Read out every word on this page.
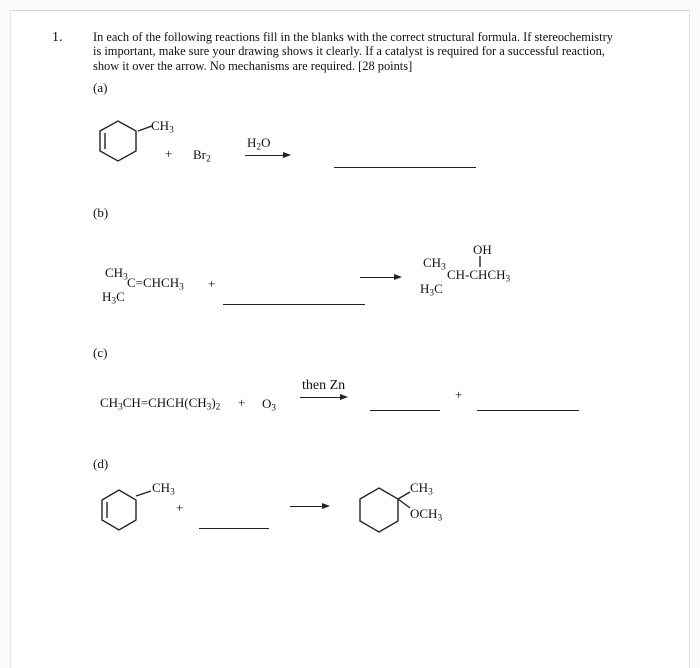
1. In each of the following reactions fill in the blanks with the correct structural formula. If stereochemistry is important, make sure your drawing shows it clearly. If a catalyst is required for a successful reaction, show it over the arrow. No mechanisms are required. [28 points]
(a)
$CH_3$
+ $Br_2$
$H_2O$
(b)
$CH_3$ $C=CHCH_3$
$H_3C$
+
OH
$CH_3$ $CH-CHCH_3$
$H_3C$
(c)
$CH_3CH=CHCH(CH_3)_2 + O_3$
then Zn
+
(d)
$CH_3$
+
$CH_3$
$OCH_3$
